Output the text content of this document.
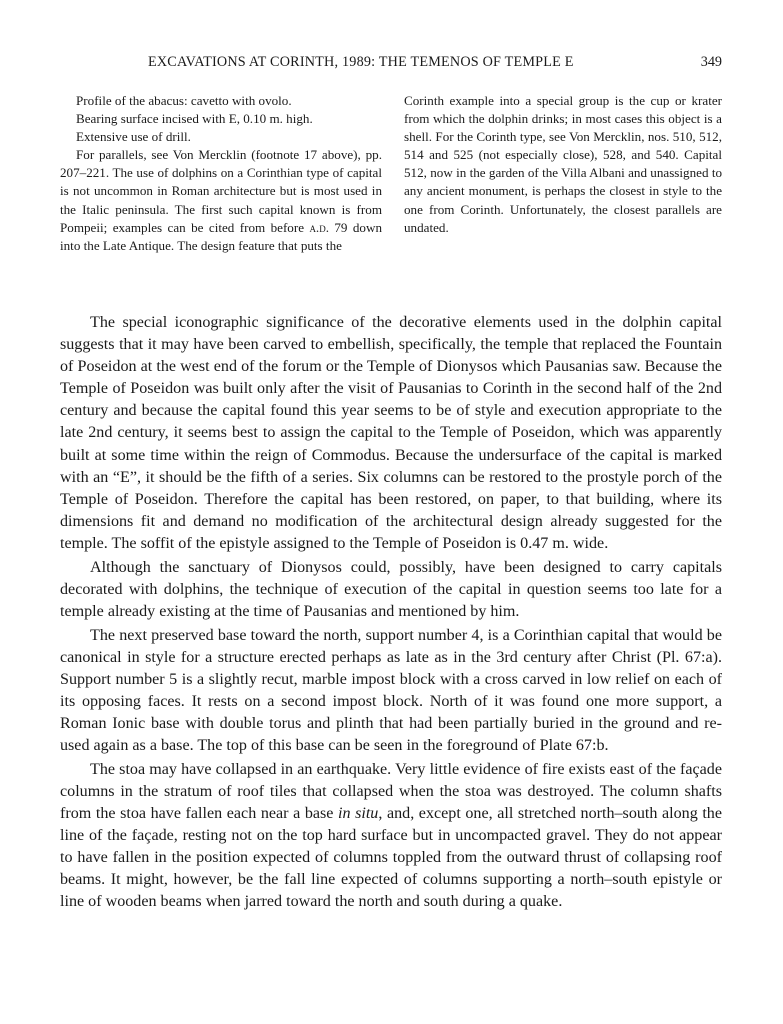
EXCAVATIONS AT CORINTH, 1989: THE TEMENOS OF TEMPLE E	349

Profile of the abacus: cavetto with ovolo.

Bearing surface incised with E, 0.10 m. high.

Extensive use of drill.

For parallels, see Von Mercklin (footnote 17 above), pp. 207–221. The use of dolphins on a Corinthian type of capital is not uncommon in Roman architecture but is most used in the Italic peninsula. The first such capital known is from Pompeii; examples can be cited from before a.d. 79 down into the Late Antique. The design feature that puts the

Corinth example into a special group is the cup or krater from which the dolphin drinks; in most cases this object is a shell. For the Corinth type, see Von Mercklin, nos. 510, 512, 514 and 525 (not especially close), 528, and 540. Capital 512, now in the garden of the Villa Albani and unassigned to any ancient monument, is perhaps the closest in style to the one from Corinth. Unfortunately, the closest parallels are undated.

The special iconographic significance of the decorative elements used in the dolphin capital suggests that it may have been carved to embellish, specifically, the temple that replaced the Fountain of Poseidon at the west end of the forum or the Temple of Dionysos which Pausanias saw. Because the Temple of Poseidon was built only after the visit of Pausanias to Corinth in the second half of the 2nd century and because the capital found this year seems to be of style and execution appropriate to the late 2nd century, it seems best to assign the capital to the Temple of Poseidon, which was apparently built at some time within the reign of Commodus. Because the undersurface of the capital is marked with an “E”, it should be the fifth of a series. Six columns can be restored to the prostyle porch of the Temple of Poseidon. Therefore the capital has been restored, on paper, to that building, where its dimensions fit and demand no modification of the architectural design already suggested for the temple. The soffit of the epistyle assigned to the Temple of Poseidon is 0.47 m. wide.

Although the sanctuary of Dionysos could, possibly, have been designed to carry capitals decorated with dolphins, the technique of execution of the capital in question seems too late for a temple already existing at the time of Pausanias and mentioned by him.

The next preserved base toward the north, support number 4, is a Corinthian capital that would be canonical in style for a structure erected perhaps as late as in the 3rd century after Christ (Pl. 67:a). Support number 5 is a slightly recut, marble impost block with a cross carved in low relief on each of its opposing faces. It rests on a second impost block. North of it was found one more support, a Roman Ionic base with double torus and plinth that had been partially buried in the ground and re-used again as a base. The top of this base can be seen in the foreground of Plate 67:b.

The stoa may have collapsed in an earthquake. Very little evidence of fire exists east of the façade columns in the stratum of roof tiles that collapsed when the stoa was destroyed. The column shafts from the stoa have fallen each near a base in situ, and, except one, all stretched north–south along the line of the façade, resting not on the top hard surface but in uncompacted gravel. They do not appear to have fallen in the position expected of columns toppled from the outward thrust of collapsing roof beams. It might, however, be the fall line expected of columns supporting a north–south epistyle or line of wooden beams when jarred toward the north and south during a quake.
